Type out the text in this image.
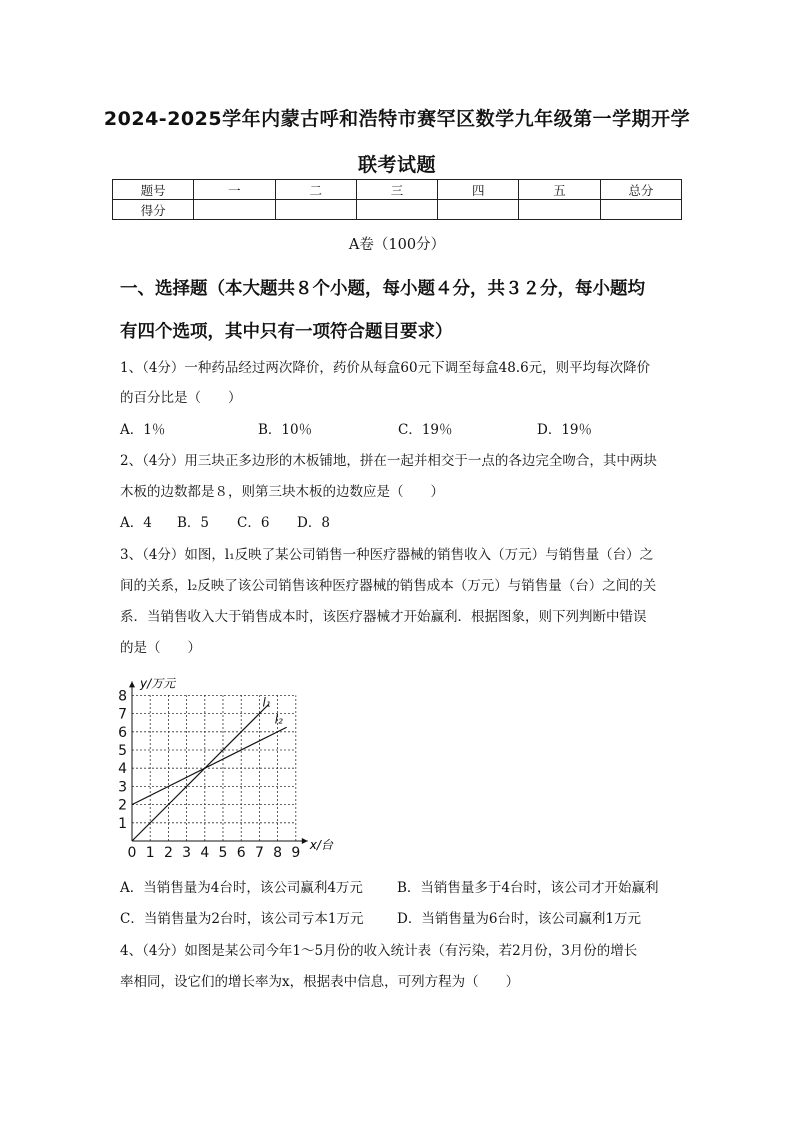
2024-2025学年内蒙古呼和浩特市赛罕区数学九年级第一学期开学
联考试题
题号	一	二	三	四	五	总分
得分						
A卷（100分）
一、选择题（本大题共８个小题，每小题４分，共３２分，每小题均
有四个选项，其中只有一项符合题目要求）
1、（4分）一种药品经过两次降价，药价从每盒60元下调至每盒48.6元，则平均每次降价
的百分比是（　　）
A．1％	B．10％	C．19％	D．19％
2、（4分）用三块正多边形的木板铺地，拼在一起并相交于一点的各边完全吻合，其中两块
木板的边数都是８，则第三块木板的边数应是（　　）
A．4 B．5 C．6 D．8
3、（4分）如图，l₁反映了某公司销售一种医疗器械的销售收入（万元）与销售量（台）之
间的关系，l₂反映了该公司销售该种医疗器械的销售成本（万元）与销售量（台）之间的关
系．当销售收入大于销售成本时，该医疗器械才开始赢利．根据图象，则下列判断中错误
的是（　　）
0 1 2 3 4 5 6 7 8 9
1
2
3
4
5
6
7
8	l₁
l₂
y/万元
x/台
A．当销售量为4台时，该公司赢利4万元	B．当销售量多于4台时，该公司才开始赢利
C．当销售量为2台时，该公司亏本1万元 D．当销售量为6台时，该公司赢利1万元
4、（4分）如图是某公司今年1～5月份的收入统计表（有污染，若2月份，3月份的增长
率相同，设它们的增长率为x，根据表中信息，可列方程为（　　）
